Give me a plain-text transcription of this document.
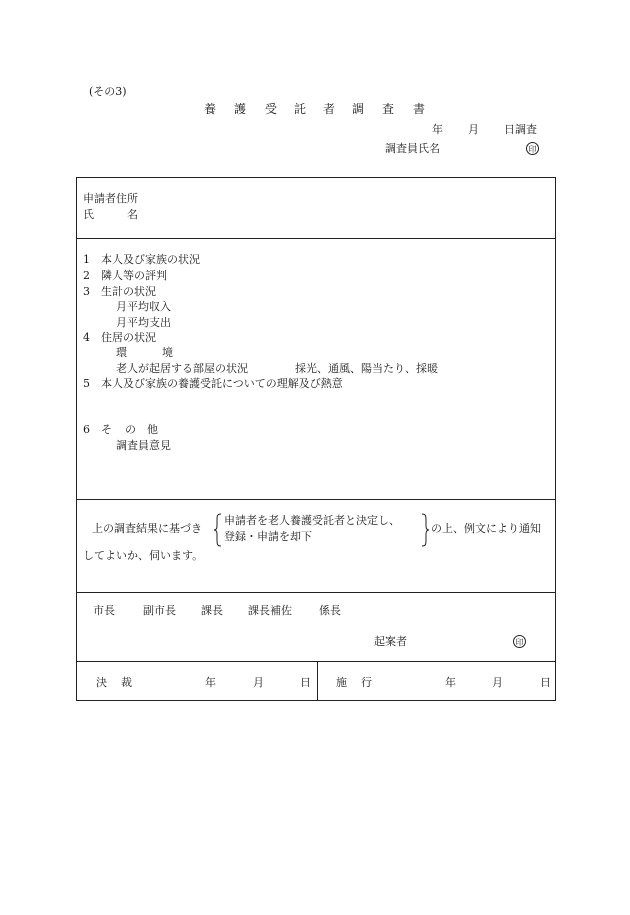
(その3)
養 護 受 託 者 調 査 書
年 月 日調査
調査員氏名	印
申請者住所
氏	名
1　本人及び家族の状況
2　隣人等の評判
3　生計の状況
月平均収入
月平均支出
4　住居の状況
環	境
老人が起居する部屋の状況	採光、通風、陽当たり、採暖
5　本人及び家族の養護受託についての理解及び熱意
6 そ の 他
調査員意見
上の調査結果に基づき
申請者を老人養護受託者と決定し、
登録・申請を却下
の上、例文により通知
してよいか、伺います。
市長	副市長 課長 課長補佐 係長
起案者	印
決 裁	年	月	日 施 行	年	月	日
